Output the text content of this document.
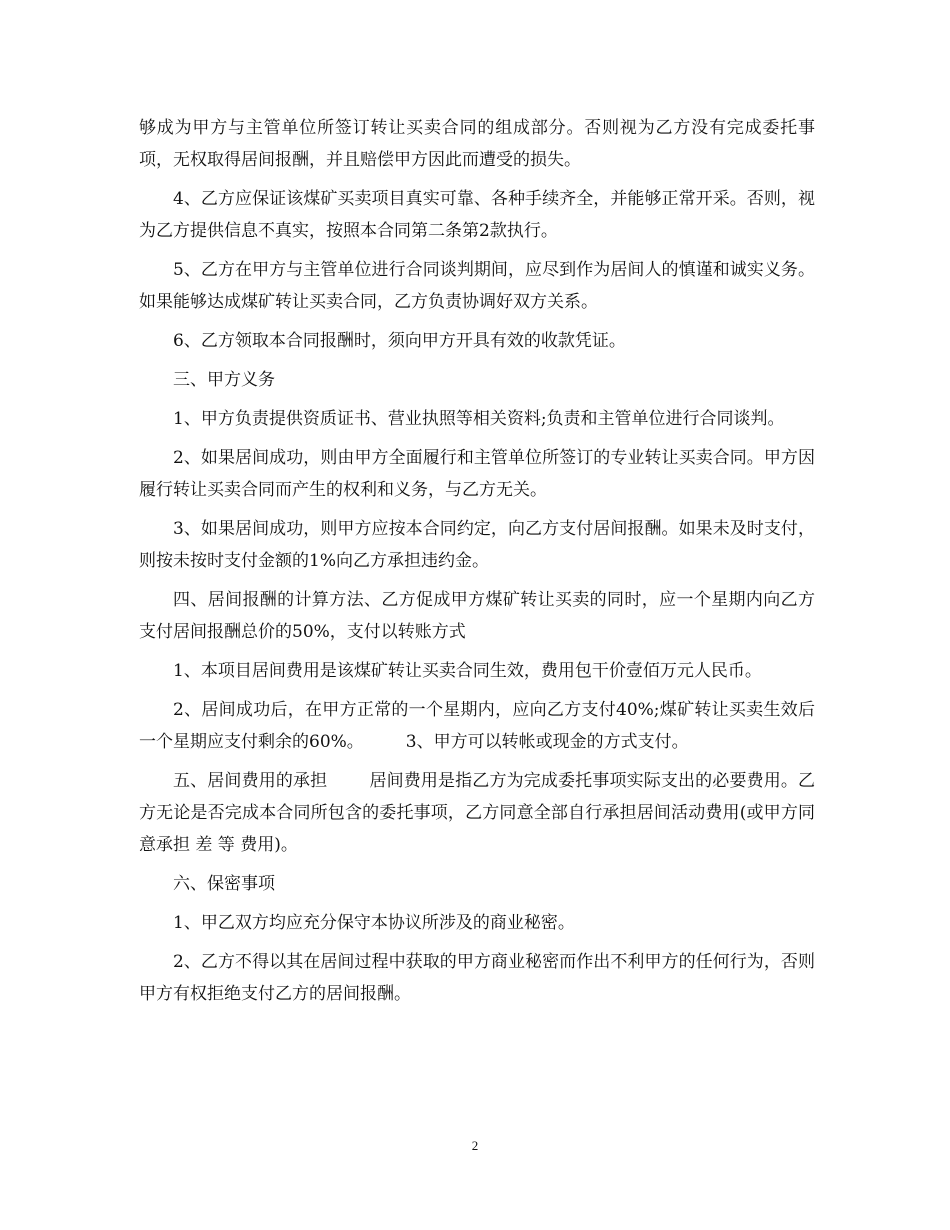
够成为甲方与主管单位所签订转让买卖合同的组成部分。否则视为乙方没有完成委托事项，无权取得居间报酬，并且赔偿甲方因此而遭受的损失。

4、乙方应保证该煤矿买卖项目真实可靠、各种手续齐全，并能够正常开采。否则，视为乙方提供信息不真实，按照本合同第二条第2款执行。

5、乙方在甲方与主管单位进行合同谈判期间，应尽到作为居间人的慎谨和诚实义务。如果能够达成煤矿转让买卖合同，乙方负责协调好双方关系。

6、乙方领取本合同报酬时，须向甲方开具有效的收款凭证。

三、甲方义务

1、甲方负责提供资质证书、营业执照等相关资料;负责和主管单位进行合同谈判。

2、如果居间成功，则由甲方全面履行和主管单位所签订的专业转让买卖合同。甲方因履行转让买卖合同而产生的权利和义务，与乙方无关。

3、如果居间成功，则甲方应按本合同约定，向乙方支付居间报酬。如果未及时支付，则按未按时支付金额的1%向乙方承担违约金。

四、居间报酬的计算方法、乙方促成甲方煤矿转让买卖的同时，应一个星期内向乙方支付居间报酬总价的50%，支付以转账方式

1、本项目居间费用是该煤矿转让买卖合同生效，费用包干价壹佰万元人民币。

2、居间成功后，在甲方正常的一个星期内，应向乙方支付40%;煤矿转让买卖生效后一个星期应支付剩余的60%。 3、甲方可以转帐或现金的方式支付。

五、居间费用的承担 居间费用是指乙方为完成委托事项实际支出的必要费用。乙方无论是否完成本合同所包含的委托事项，乙方同意全部自行承担居间活动费用(或甲方同意承担 差 等 费用)。

六、保密事项

1、甲乙双方均应充分保守本协议所涉及的商业秘密。

2、乙方不得以其在居间过程中获取的甲方商业秘密而作出不利甲方的任何行为，否则甲方有权拒绝支付乙方的居间报酬。

2
